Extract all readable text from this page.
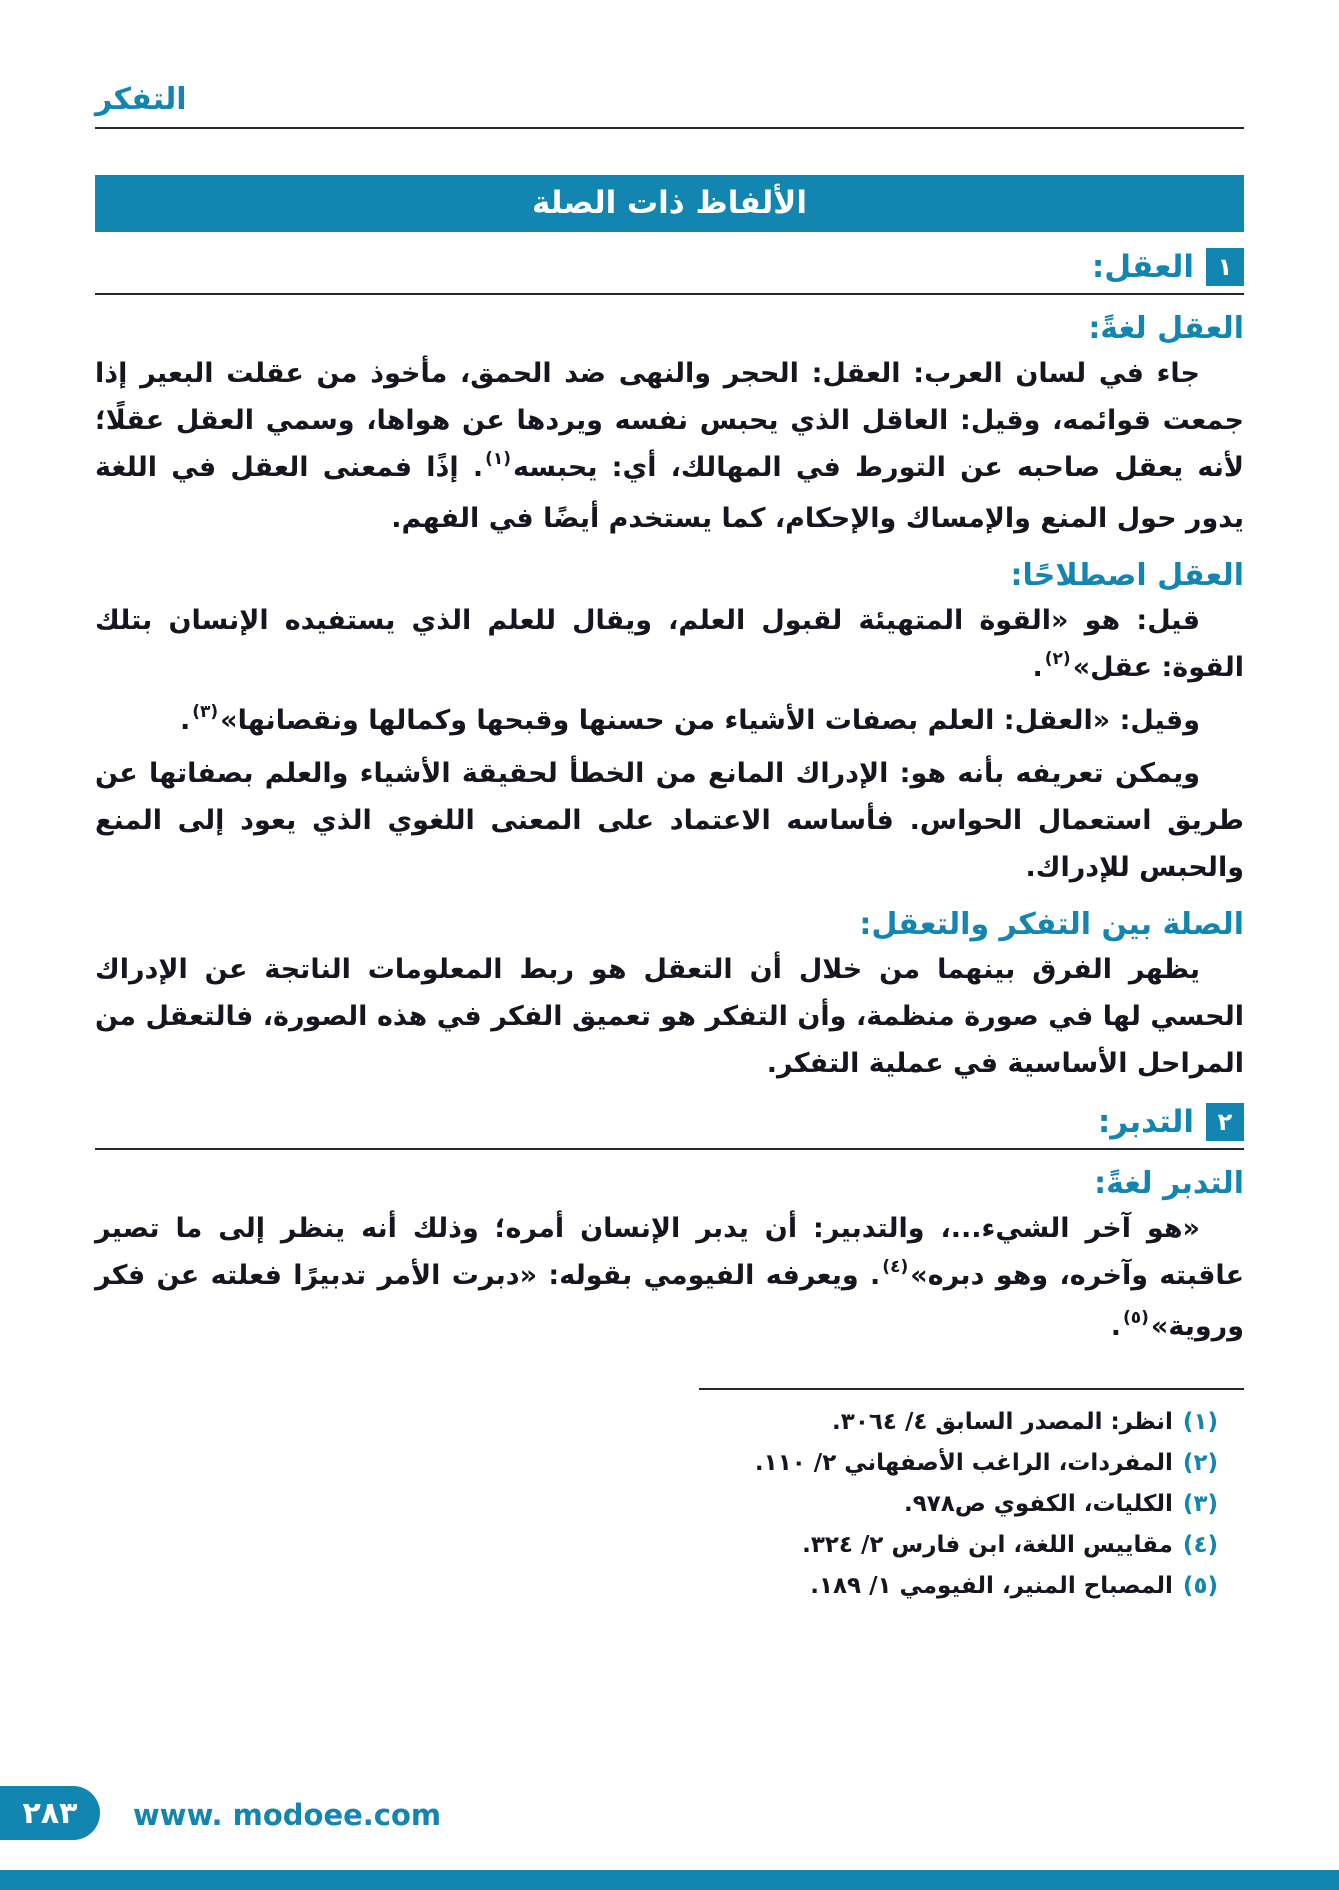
التفكر
الألفاظ ذات الصلة
١
العقل:
العقل لغةً:

جاء في لسان العرب: العقل: الحجر والنهى ضد الحمق، مأخوذ من عقلت البعير إذا جمعت قوائمه، وقيل: العاقل الذي يحبس نفسه ويردها عن هواها، وسمي العقل عقلًا؛ لأنه يعقل صاحبه عن التورط في المهالك، أي: يحبسه$^{(١)}$. إذًا فمعنى العقل في اللغة يدور حول المنع والإمساك والإحكام، كما يستخدم أيضًا في الفهم.

العقل اصطلاحًا:

قيل: هو «القوة المتهيئة لقبول العلم، ويقال للعلم الذي يستفيده الإنسان بتلك القوة: عقل»$^{(٢)}$.

وقيل: «العقل: العلم بصفات الأشياء من حسنها وقبحها وكمالها ونقصانها»$^{(٣)}$.

ويمكن تعريفه بأنه هو: الإدراك المانع من الخطأ لحقيقة الأشياء والعلم بصفاتها عن طريق استعمال الحواس. فأساسه الاعتماد على المعنى اللغوي الذي يعود إلى المنع والحبس للإدراك.

الصلة بين التفكر والتعقل:

يظهر الفرق بينهما من خلال أن التعقل هو ربط المعلومات الناتجة عن الإدراك الحسي لها في صورة منظمة، وأن التفكر هو تعميق الفكر في هذه الصورة، فالتعقل من المراحل الأساسية في عملية التفكر.

٢
التدبر:
التدبر لغةً:

«هو آخر الشيء...، والتدبير: أن يدبر الإنسان أمره؛ وذلك أنه ينظر إلى ما تصير عاقبته وآخره، وهو دبره»$^{(٤)}$. ويعرفه الفيومي بقوله: «دبرت الأمر تدبيرًا فعلته عن فكر وروية»$^{(٥)}$.

(١)انظر: المصدر السابق ٤/ ٣٠٦٤.
(٢)المفردات، الراغب الأصفهاني ٢/ ١١٠.
(٣)الكليات، الكفوي ص٩٧٨.
(٤)مقاييس اللغة، ابن فارس ٢/ ٣٢٤.
(٥)المصباح المنير، الفيومي ١/ ١٨٩.
٢٨٣ www. modoee.com
